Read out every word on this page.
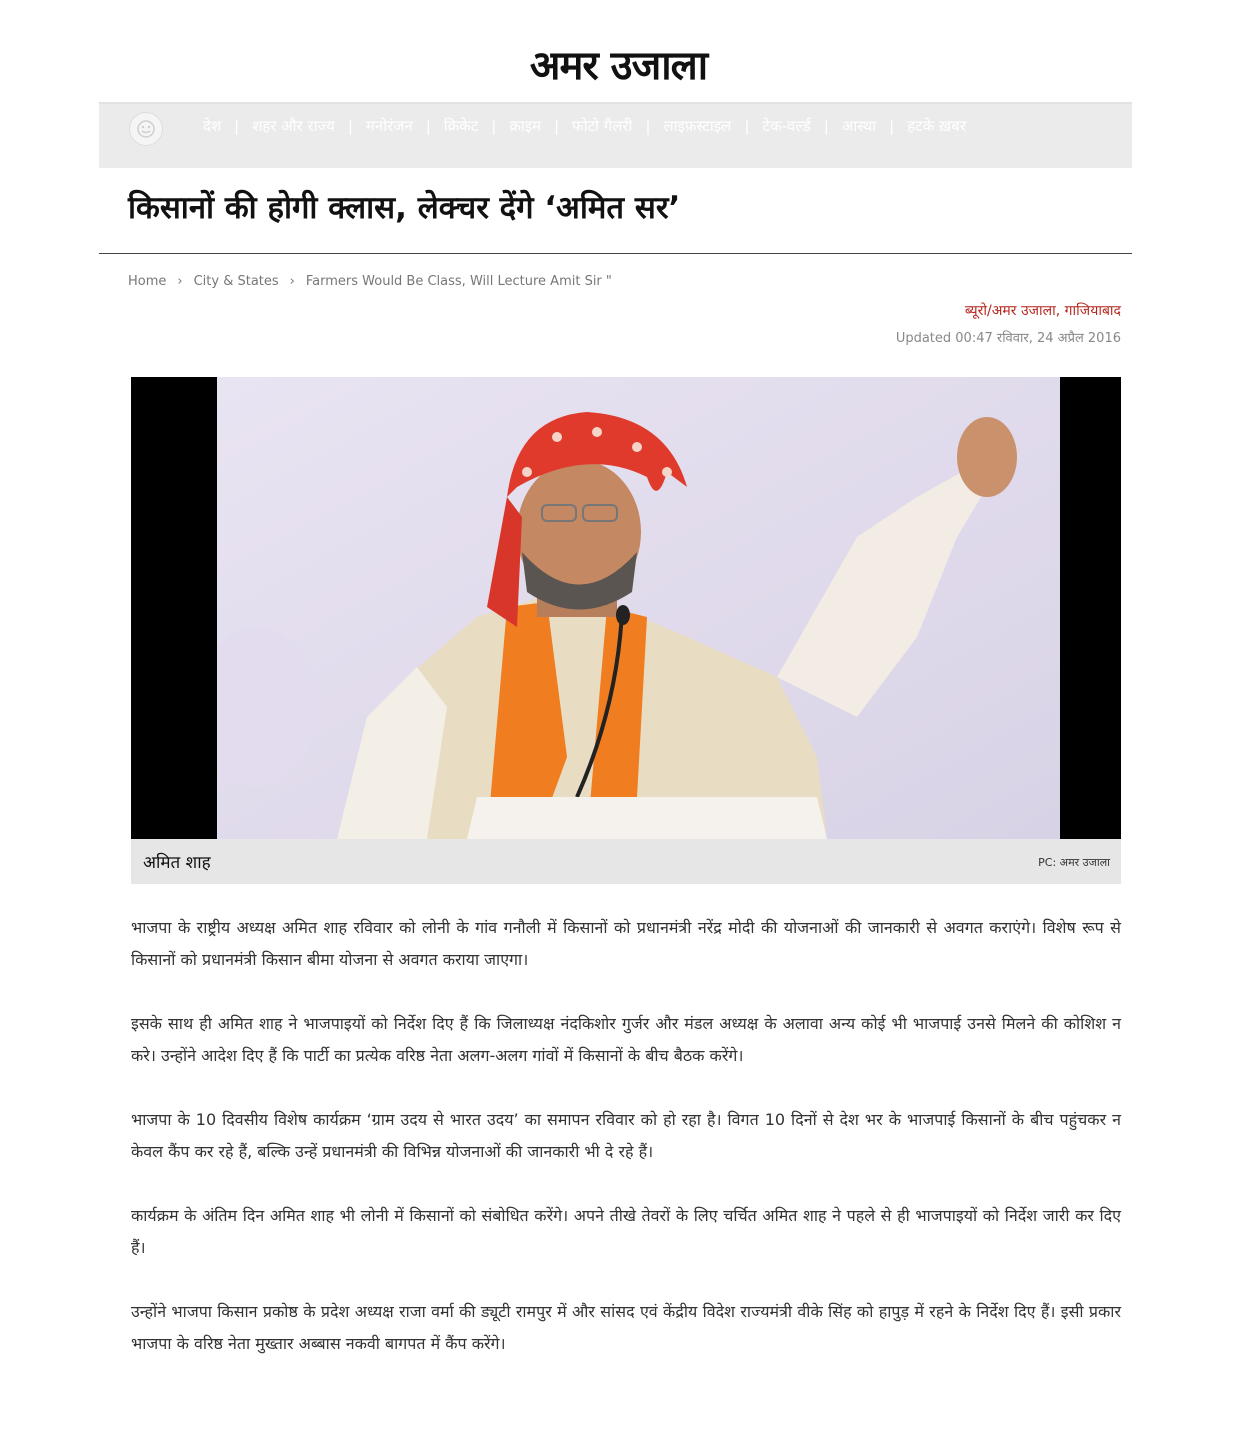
अमर उजाला
देश | शहर और राज्य | मनोरंजन | क्रिकेट | क्राइम | फोटो गैलरी | लाइफ़स्टाइल | टेक-वर्ल्ड | आस्था | हटके ख़बर
किसानों की होगी क्लास, लेक्चर देंगे ‘अमित सर’
Home › City & States › Farmers Would Be Class, Will Lecture Amit Sir "
ब्यूरो/अमर उजाला, गाजियाबाद
Updated 00:47 रविवार, 24 अप्रैल 2016
अमित शाह	PC: अमर उजाला

भाजपा के राष्ट्रीय अध्यक्ष अमित शाह रविवार को लोनी के गांव गनौली में किसानों को प्रधानमंत्री नरेंद्र मोदी की योजनाओं की जानकारी से अवगत कराएंगे। विशेष रूप से किसानों को प्रधानमंत्री किसान बीमा योजना से अवगत कराया जाएगा।

इसके साथ ही अमित शाह ने भाजपाइयों को निर्देश दिए हैं कि जिलाध्यक्ष नंदकिशोर गुर्जर और मंडल अध्यक्ष के अलावा अन्य कोई भी भाजपाई उनसे मिलने की कोशिश न करे। उन्होंने आदेश दिए हैं कि पार्टी का प्रत्येक वरिष्ठ नेता अलग-अलग गांवों में किसानों के बीच बैठक करेंगे।

भाजपा के 10 दिवसीय विशेष कार्यक्रम ‘ग्राम उदय से भारत उदय’ का समापन रविवार को हो रहा है। विगत 10 दिनों से देश भर के भाजपाई किसानों के बीच पहुंचकर न केवल कैंप कर रहे हैं, बल्कि उन्हें प्रधानमंत्री की विभिन्न योजनाओं की जानकारी भी दे रहे हैं।

कार्यक्रम के अंतिम दिन अमित शाह भी लोनी में किसानों को संबोधित करेंगे। अपने तीखे तेवरों के लिए चर्चित अमित शाह ने पहले से ही भाजपाइयों को निर्देश जारी कर दिए हैं।

उन्होंने भाजपा किसान प्रकोष्ठ के प्रदेश अध्यक्ष राजा वर्मा की ड्यूटी रामपुर में और सांसद एवं केंद्रीय विदेश राज्यमंत्री वीके सिंह को हापुड़ में रहने के निर्देश दिए हैं। इसी प्रकार भाजपा के वरिष्ठ नेता मुख्तार अब्बास नकवी बागपत में कैंप करेंगे।
